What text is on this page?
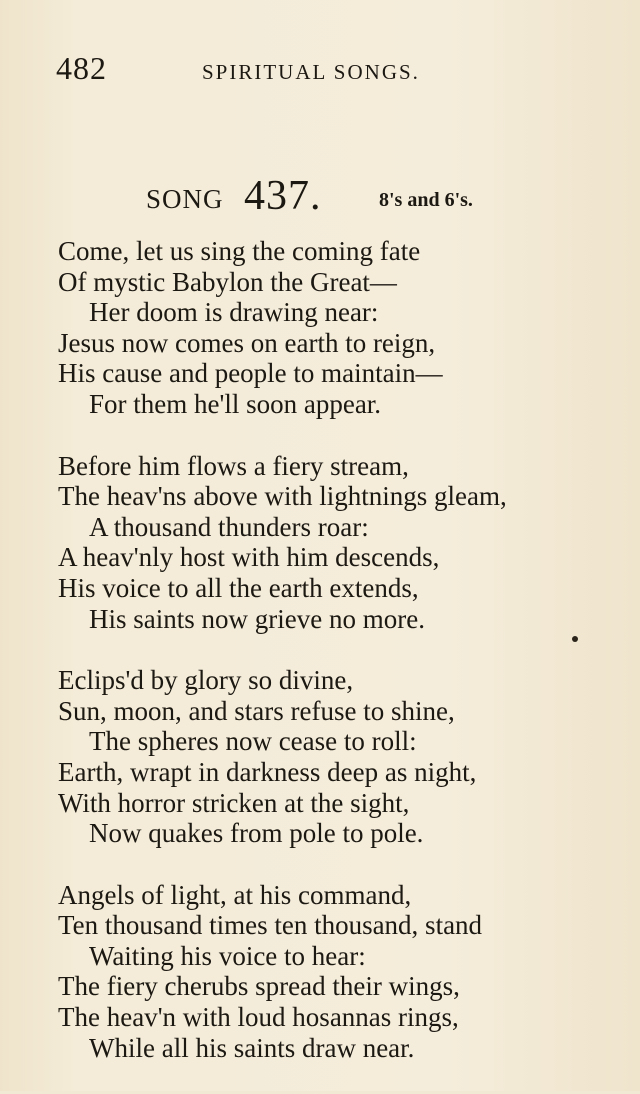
482	SPIRITUAL SONGS.
SONG 437.	8's and 6's.
Come, let us sing the coming fate
Of mystic Babylon the Great—
Her doom is drawing near:
Jesus now comes on earth to reign,
His cause and people to maintain—
For them he'll soon appear.
Before him flows a fiery stream,
The heav'ns above with lightnings gleam,
A thousand thunders roar:
A heav'nly host with him descends,
His voice to all the earth extends,
His saints now grieve no more.
Eclips'd by glory so divine,
Sun, moon, and stars refuse to shine,
The spheres now cease to roll:
Earth, wrapt in darkness deep as night,
With horror stricken at the sight,
Now quakes from pole to pole.
Angels of light, at his command,
Ten thousand times ten thousand, stand
Waiting his voice to hear:
The fiery cherubs spread their wings,
The heav'n with loud hosannas rings,
While all his saints draw near.
